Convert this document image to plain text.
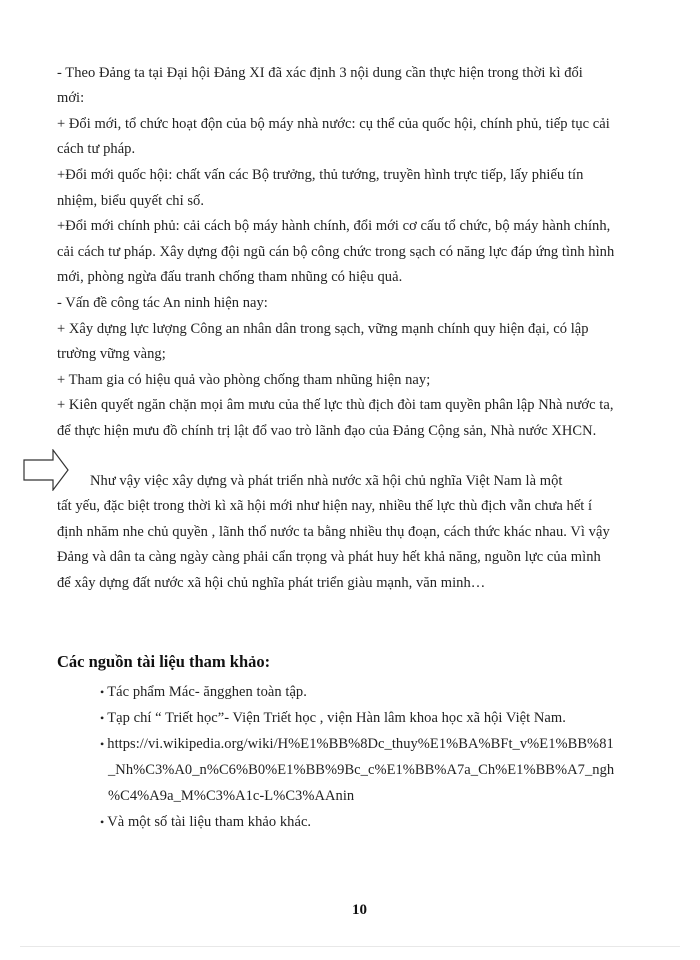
- Theo Đảng ta tại Đại hội Đảng XI đã xác định 3 nội dung cần thực hiện trong thời kì đổi
mới:
+ Đổi mới, tổ chức hoạt độn của bộ máy nhà nước: cụ thể của quốc hội, chính phủ, tiếp tục cải
cách tư pháp.
+Đổi mới quốc hội: chất vấn các Bộ trưởng, thủ tướng, truyền hình trực tiếp, lấy phiếu tín
nhiệm, biểu quyết chỉ số.
+Đổi mới chính phủ: cải cách bộ máy hành chính, đổi mới cơ cấu tổ chức, bộ máy hành chính,
cải cách tư pháp. Xây dựng đội ngũ cán bộ công chức trong sạch có năng lực đáp ứng tình hình
mới, phòng ngừa đấu tranh chống tham nhũng có hiệu quả.
- Vấn đề công tác An ninh hiện nay:
+ Xây dựng lực lượng Công an nhân dân trong sạch, vững mạnh chính quy hiện đại, có lập
trường vững vàng;
+ Tham gia có hiệu quả vào phòng chống tham nhũng hiện nay;
+ Kiên quyết ngăn chặn mọi âm mưu của thế lực thù địch đòi tam quyền phân lập Nhà nước ta,
để thực hiện mưu đồ chính trị lật đổ vao trò lãnh đạo của Đảng Cộng sản, Nhà nước XHCN.
Như vậy việc xây dựng và phát triển nhà nước xã hội chủ nghĩa Việt Nam là một
tất yếu, đặc biệt trong thời kì xã hội mới như hiện nay, nhiều thế lực thù địch vẫn chưa hết í
định nhăm nhe chủ quyền , lãnh thổ nước ta bằng nhiều thụ đoạn, cách thức khác nhau. Vì vậy
Đảng và dân ta càng ngày càng phải cẩn trọng và phát huy hết khả năng, nguồn lực của mình
để xây dựng đất nước xã hội chủ nghĩa phát triển giàu mạnh, văn minh…
Các nguồn tài liệu tham khảo:
• Tác phẩm Mác- ăngghen toàn tập.
• Tạp chí “ Triết học”- Viện Triết học , viện Hàn lâm khoa học xã hội Việt Nam.
• https://vi.wikipedia.org/wiki/H%E1%BB%8Dc_thuy%E1%BA%BFt_v%E1%BB%81
_Nh%C3%A0_n%C6%B0%E1%BB%9Bc_c%E1%BB%A7a_Ch%E1%BB%A7_ngh
%C4%A9a_M%C3%A1c-L%C3%AAnin
• Và một số tài liệu tham khảo khác.
10
